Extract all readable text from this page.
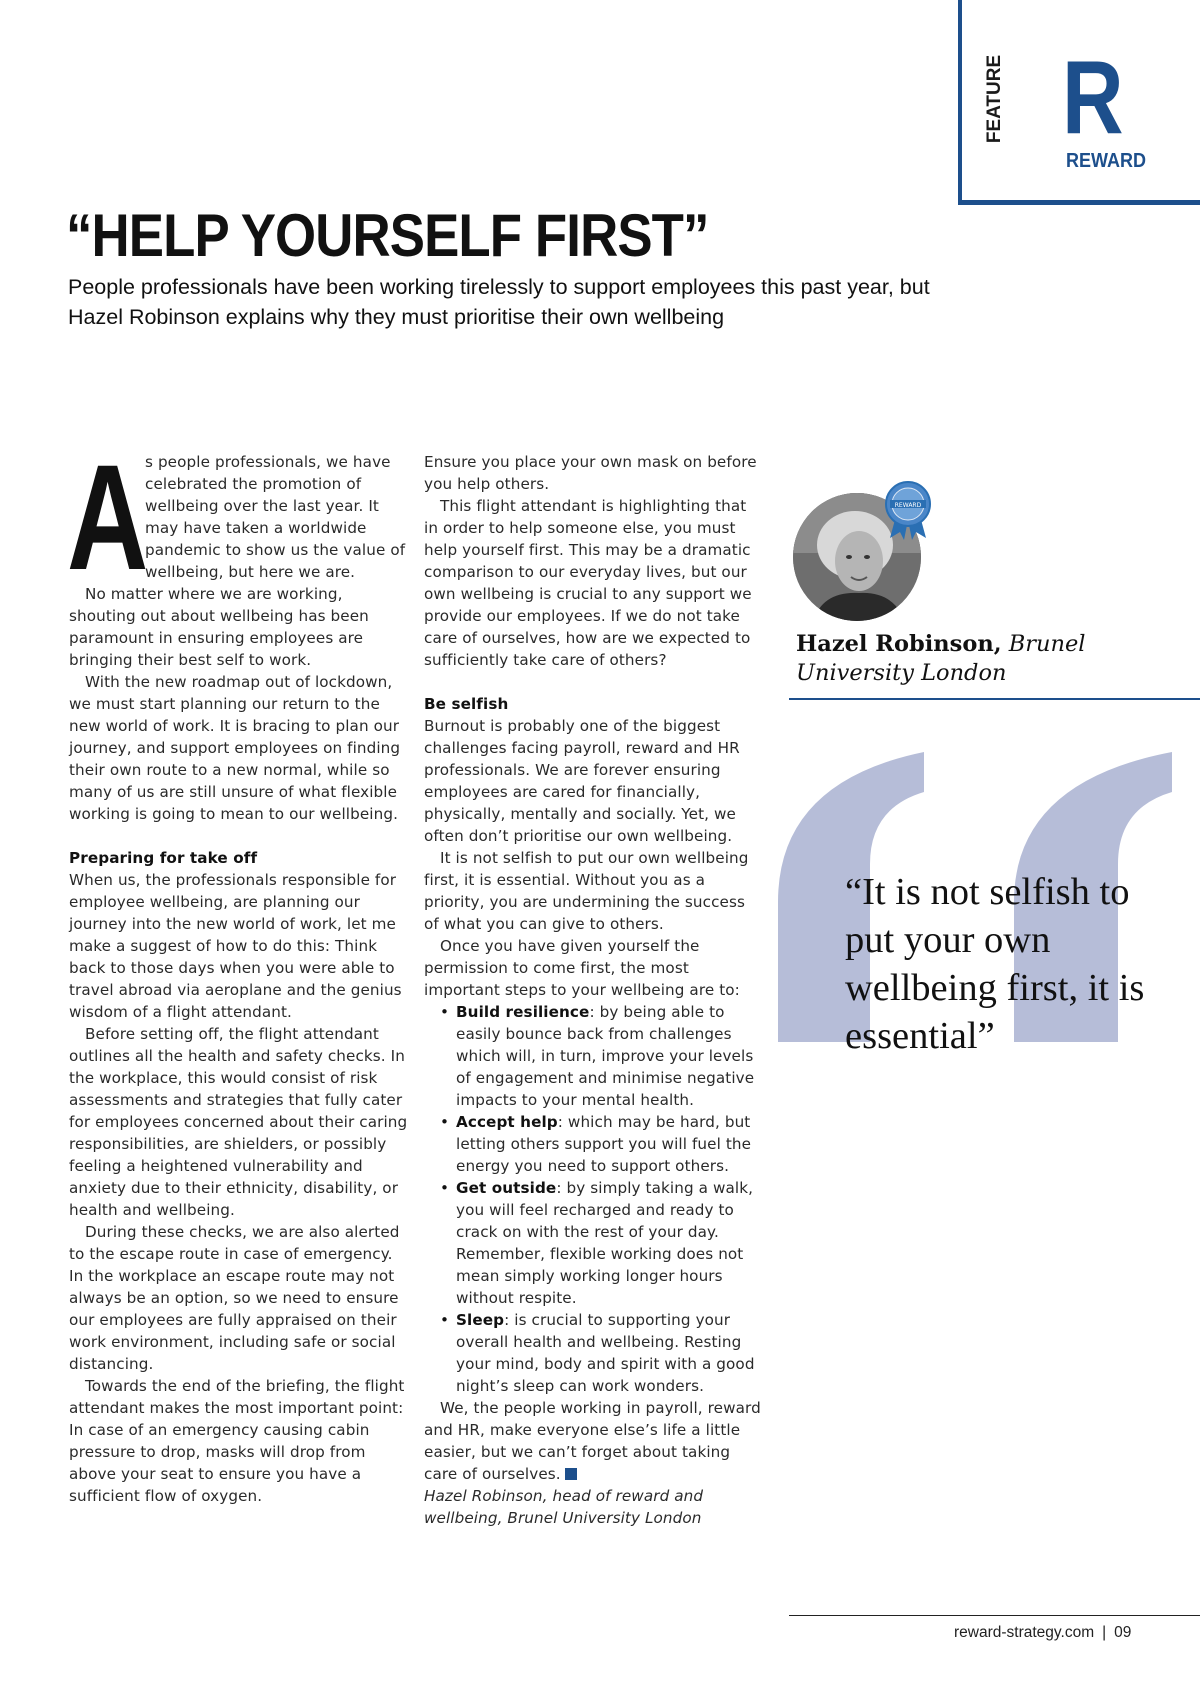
FEATURE R
REWARD
“HELP YOURSELF FIRST”

People professionals have been working tirelessly to support employees this past year, but Hazel Robinson explains why they must prioritise their own wellbeing

A
s people professionals, we have celebrated the promotion of wellbeing over the last year. It may have taken a worldwide pandemic to show us the value of wellbeing, but here we are.

No matter where we are working, shouting out about wellbeing has been paramount in ensuring employees are bringing their best self to work.

With the new roadmap out of lockdown, we must start planning our return to the new world of work. It is bracing to plan our journey, and support employees on finding their own route to a new normal, while so many of us are still unsure of what flexible working is going to mean to our wellbeing.

Preparing for take off

When us, the professionals responsible for employee wellbeing, are planning our journey into the new world of work, let me make a suggest of how to do this: Think back to those days when you were able to travel abroad via aeroplane and the genius wisdom of a flight attendant.

Before setting off, the flight attendant outlines all the health and safety checks. In the workplace, this would consist of risk assessments and strategies that fully cater for employees concerned about their caring responsibilities, are shielders, or possibly feeling a heightened vulnerability and anxiety due to their ethnicity, disability, or health and wellbeing.

During these checks, we are also alerted to the escape route in case of emergency. In the workplace an escape route may not always be an option, so we need to ensure our employees are fully appraised on their work environment, including safe or social distancing.

Towards the end of the briefing, the flight attendant makes the most important point: In case of an emergency causing cabin pressure to drop, masks will drop from above your seat to ensure you have a sufficient flow of oxygen.

Ensure you place your own mask on before you help others.

This flight attendant is highlighting that in order to help someone else, you must help yourself first. This may be a dramatic comparison to our everyday lives, but our own wellbeing is crucial to any support we provide our employees. If we do not take care of ourselves, how are we expected to sufficiently take care of others?

Be selfish

Burnout is probably one of the biggest challenges facing payroll, reward and HR professionals. We are forever ensuring employees are cared for financially, physically, mentally and socially. Yet, we often don’t prioritise our own wellbeing.

It is not selfish to put our own wellbeing first, it is essential. Without you as a priority, you are undermining the success of what you can give to others.

Once you have given yourself the permission to come first, the most important steps to your wellbeing are to:

• Build resilience: by being able to easily bounce back from challenges which will, in turn, improve your levels of engagement and minimise negative impacts to your mental health.
• Accept help: which may be hard, but letting others support you will fuel the energy you need to support others.
• Get outside: by simply taking a walk, you will feel recharged and ready to crack on with the rest of your day. Remember, flexible working does not mean simply working longer hours without respite.
• Sleep: is crucial to supporting your overall health and wellbeing. Resting your mind, body and spirit with a good night’s sleep can work wonders.

We, the people working in payroll, reward and HR, make everyone else’s life a little easier, but we can’t forget about taking care of ourselves.

Hazel Robinson, head of reward and wellbeing, Brunel University London

REWARD
Hazel Robinson, Brunel
University London

“It is not selfish to put your own wellbeing first, it is essential”

reward-strategy.com | 09
